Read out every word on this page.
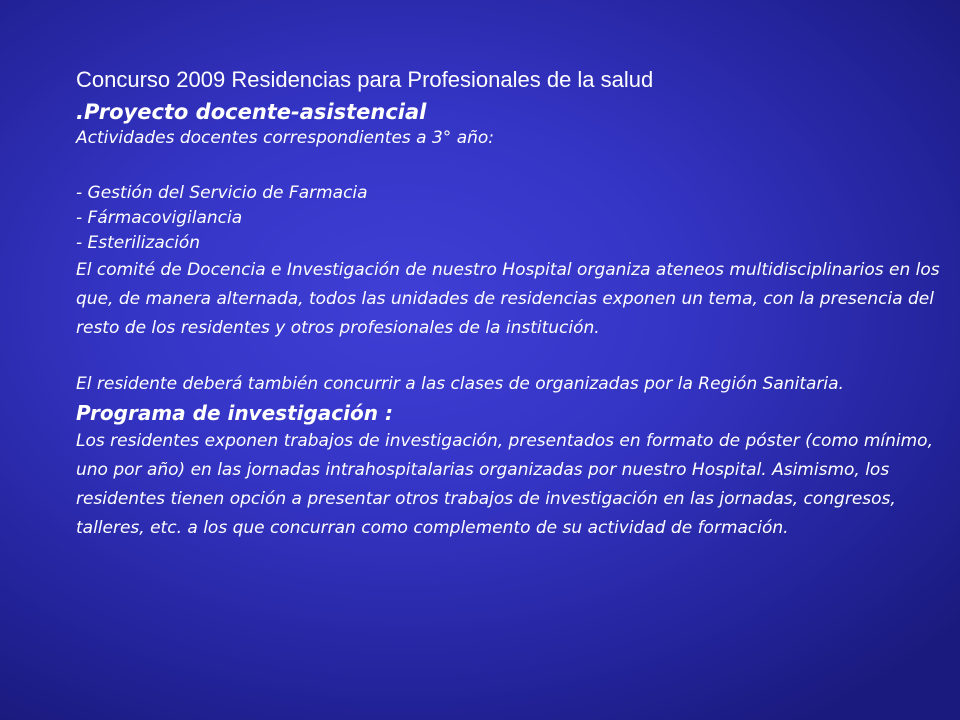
Concurso 2009 Residencias para Profesionales de la salud

.Proyecto docente-asistencial

Actividades docentes correspondientes a 3° año:

- Gestión del Servicio de Farmacia
- Fármacovigilancia
- Esterilización

El comité de Docencia e Investigación de nuestro Hospital organiza ateneos multidisciplinarios en los que, de manera alternada, todos las unidades de residencias exponen un tema, con la presencia del resto de los residentes y otros profesionales de la institución.

El residente deberá también concurrir a las clases de organizadas por la Región Sanitaria.

Programa de investigación :

Los residentes exponen trabajos de investigación, presentados en formato de póster (como mínimo, uno por año) en las jornadas intrahospitalarias organizadas por nuestro Hospital. Asimismo, los residentes tienen opción a presentar otros trabajos de investigación en las jornadas, congresos, talleres, etc. a los que concurran como complemento de su actividad de formación.
